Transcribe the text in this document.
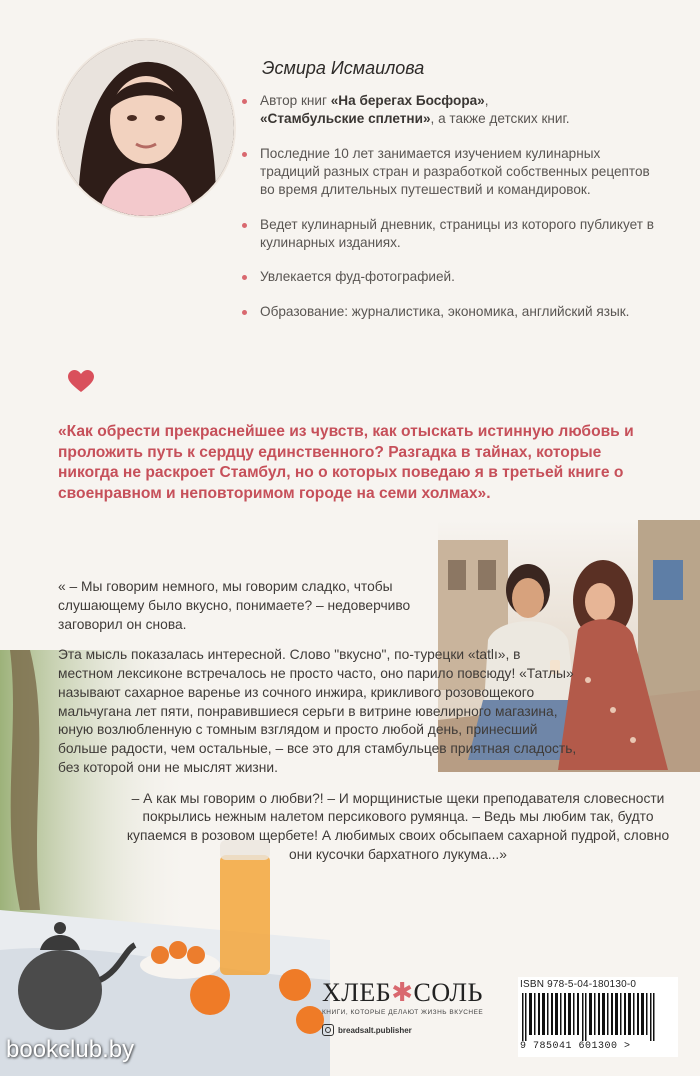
Эсмира Исмаилова
Автор книг «На берегах Босфора»,
«Стамбульские сплетни», а также детских книг.
Последние 10 лет занимается изучением кулинарных традиций разных стран и разработкой собственных рецептов во время длительных путешествий и командировок.
Ведет кулинарный дневник, страницы из которого публикует в кулинарных изданиях.
Увлекается фуд-фотографией.
Образование: журналистика, экономика, английский язык.
«Как обрести прекраснейшее из чувств, как отыскать истинную любовь и проложить путь к сердцу единственного? Разгадка в тайнах, которые никогда не раскроет Стамбул, но о которых поведаю я в третьей книге о своенравном и неповторимом городе на семи холмах».

« – Мы говорим немного, мы говорим сладко, чтобы слушающему было вкусно, понимаете? – недоверчиво заговорил он снова.

Эта мысль показалась интересной. Слово "вкусно", по-турецки «tatlı», в местном лексиконе встречалось не просто часто, оно парило повсюду! «Татлы» называют сахарное варенье из сочного инжира, крикливого розовощекого мальчугана лет пяти, понравившиеся серьги в витрине ювелирного магазина, юную возлюбленную с томным взглядом и просто любой день, принесший больше радости, чем остальные, – все это для стамбульцев приятная сладость, без которой они не мыслят жизни.

– А как мы говорим о любви?! – И морщинистые щеки преподавателя словесности покрылись нежным налетом персикового румянца. – Ведь мы любим так, будто купаемся в розовом щербете! А любимых своих обсыпаем сахарной пудрой, словно они кусочки бархатного лукума...»

ХЛЕБ✱СОЛЬ
КНИГИ, КОТОРЫЕ ДЕЛАЮТ ЖИЗНЬ ВКУСНЕЕ
breadsalt.publisher
ISBN 978-5-04-180130-0
9 785041 601300 >
bookclub.by
